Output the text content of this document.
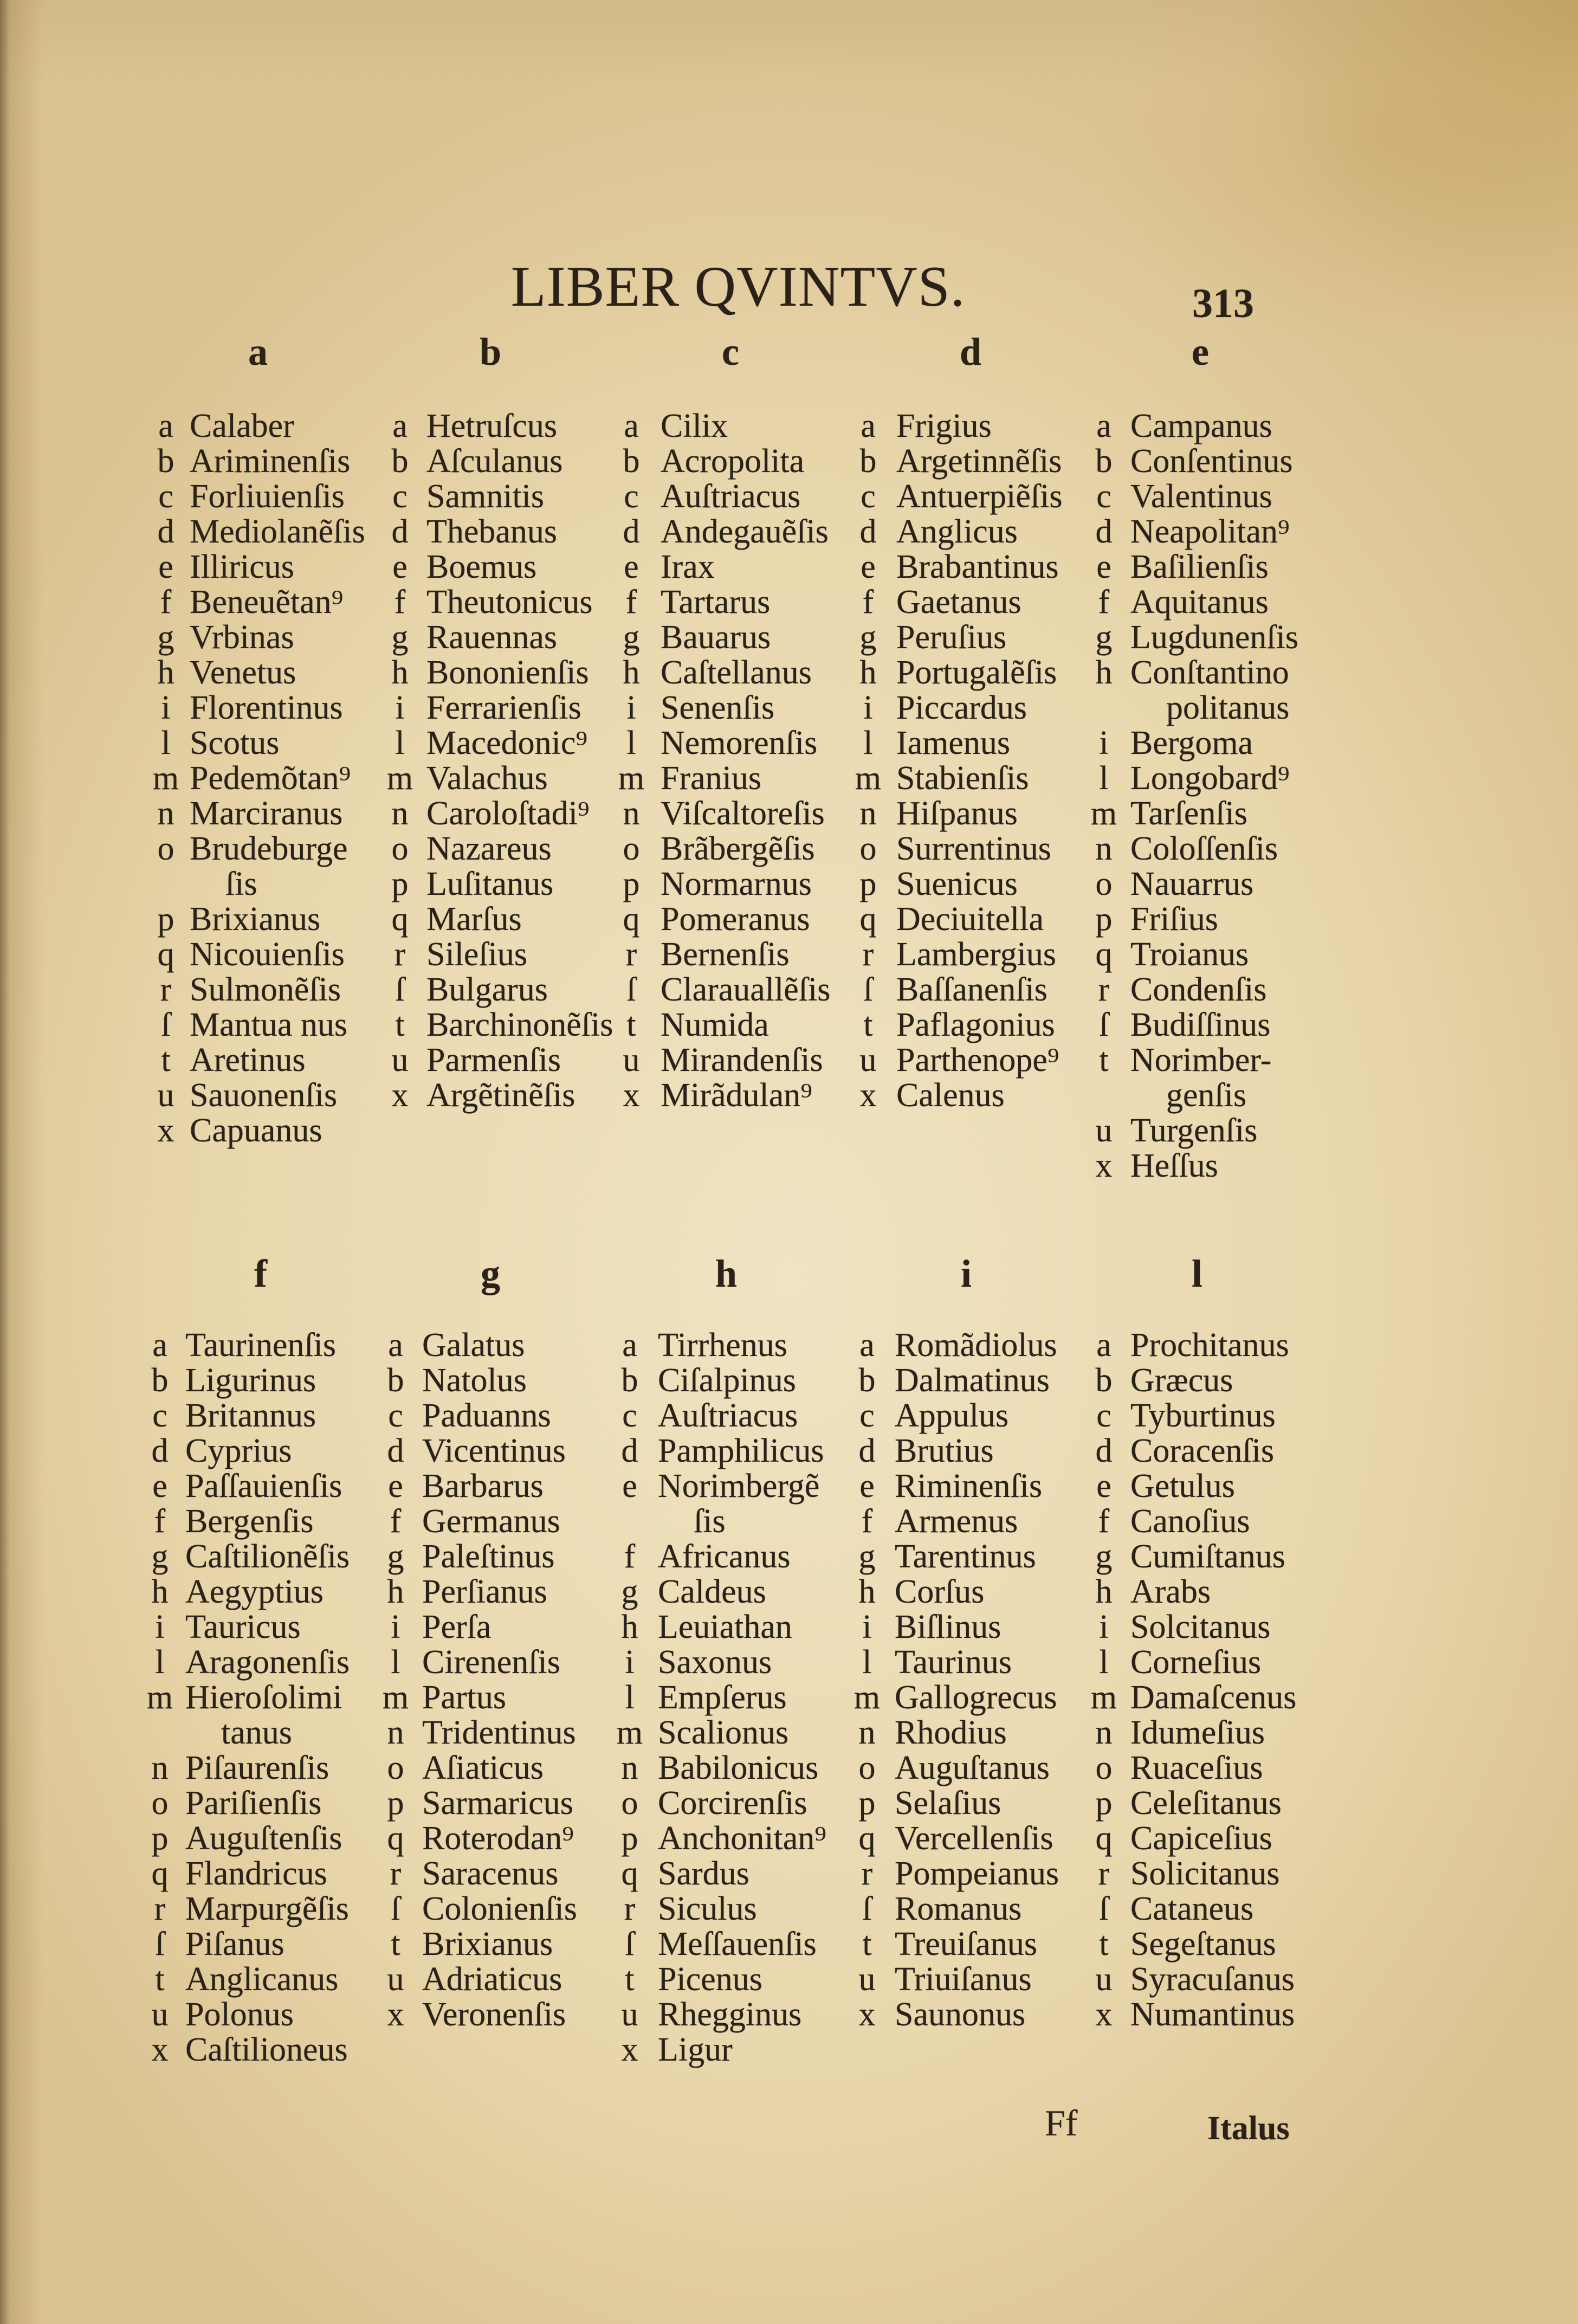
LIBER QVINTVS.	313
a
a Calaber
b Ariminenſis
c Forliuienſis
d Mediolanẽſis
e Illiricus
f Beneuẽtan⁹
g Vrbinas
h Venetus
i Florentinus
l Scotus
m Pedemõtan⁹
n Marciranus
o Brudeburge
ſis
p Brixianus
q Nicouienſis
r Sulmonẽſis
ſ Mantua nus
t Aretinus
u Sauonenſis
x Capuanus
b
a Hetruſcus
b Aſculanus
c Samnitis
d Thebanus
e Boemus
f Theutonicus
g Rauennas
h Bononienſis
i Ferrarienſis
l Macedonic⁹
m Valachus
n Caroloſtadi⁹
o Nazareus
p Luſitanus
q Marſus
r Sileſius
ſ Bulgarus
t Barchinonẽſis
u Parmenſis
x Argẽtinẽſis
c
a Cilix
b Acropolita
c Auſtriacus
d Andegauẽſis
e Irax
f Tartarus
g Bauarus
h Caſtellanus
i Senenſis
l Nemorenſis
m Franius
n Viſcaltoreſis
o Brãbergẽſis
p Normarnus
q Pomeranus
r Bernenſis
ſ Clarauallẽſis
t Numida
u Mirandenſis
x Mirãdulan⁹
d
a Frigius
b Argetinnẽſis
c Antuerpiẽſis
d Anglicus
e Brabantinus
f Gaetanus
g Peruſius
h Portugalẽſis
i Piccardus
l Iamenus
m Stabienſis
n Hiſpanus
o Surrentinus
p Suenicus
q Deciuitella
r Lambergius
ſ Baſſanenſis
t Paflagonius
u Parthenope⁹
x Calenus
e
a Campanus
b Conſentinus
c Valentinus
d Neapolitan⁹
e Baſilienſis
f Aquitanus
g Lugdunenſis
h Conſtantino
politanus
i Bergoma
l Longobard⁹
m Tarſenſis
n Coloſſenſis
o Nauarrus
p Friſius
q Troianus
r Condenſis
ſ Budiſſinus
t Norimber-
genſis
u Turgenſis
x Heſſus
f
a Taurinenſis
b Ligurinus
c Britannus
d Cyprius
e Paſſauienſis
f Bergenſis
g Caſtilionẽſis
h Aegyptius
i Tauricus
l Aragonenſis
m Hieroſolimi
tanus
n Piſaurenſis
o Pariſienſis
p Auguſtenſis
q Flandricus
r Marpurgẽſis
ſ Piſanus
t Anglicanus
u Polonus
x Caſtilioneus
g
a Galatus
b Natolus
c Paduanns
d Vicentinus
e Barbarus
f Germanus
g Paleſtinus
h Perſianus
i Perſa
l Cirenenſis
m Partus
n Tridentinus
o Aſiaticus
p Sarmaricus
q Roterodan⁹
r Saracenus
ſ Colonienſis
t Brixianus
u Adriaticus
x Veronenſis
h
a Tirrhenus
b Ciſalpinus
c Auſtriacus
d Pamphilicus
e Norimbergẽ
ſis
f Africanus
g Caldeus
h Leuiathan
i Saxonus
l Empſerus
m Scalionus
n Babilonicus
o Corcirenſis
p Anchonitan⁹
q Sardus
r Siculus
ſ Meſſauenſis
t Picenus
u Rhegginus
x Ligur
i
a Romãdiolus
b Dalmatinus
c Appulus
d Brutius
e Riminenſis
f Armenus
g Tarentinus
h Corſus
i Biſlinus
l Taurinus
m Gallogrecus
n Rhodius
o Auguſtanus
p Selaſius
q Vercellenſis
r Pompeianus
ſ Romanus
t Treuiſanus
u Triuiſanus
x Saunonus
l
a Prochitanus
b Græcus
c Tyburtinus
d Coracenſis
e Getulus
f Canoſius
g Cumiſtanus
h Arabs
i Solcitanus
l Corneſius
m Damaſcenus
n Idumeſius
o Ruaceſius
p Celeſitanus
q Capiceſius
r Solicitanus
ſ Cataneus
t Segeſtanus
u Syracuſanus
x Numantinus
Ff	Italus
